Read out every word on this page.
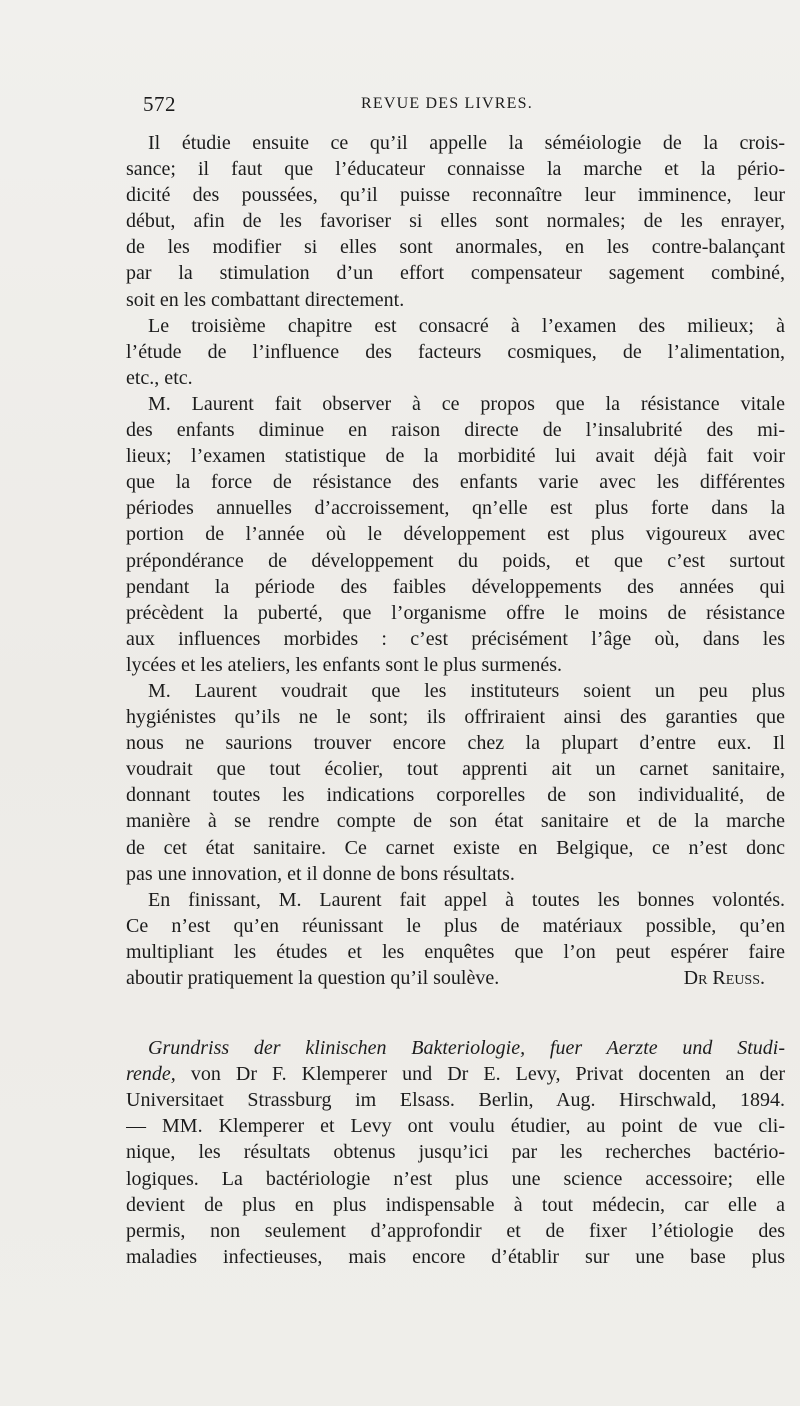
572	REVUE DES LIVRES.
Il étudie ensuite ce qu’il appelle la séméiologie de la crois-
sance; il faut que l’éducateur connaisse la marche et la pério-
dicité des poussées, qu’il puisse reconnaître leur imminence, leur
début, afin de les favoriser si elles sont normales; de les enrayer,
de les modifier si elles sont anormales, en les contre-balançant
par la stimulation d’un effort compensateur sagement combiné,
soit en les combattant directement.
Le troisième chapitre est consacré à l’examen des milieux; à
l’étude de l’influence des facteurs cosmiques, de l’alimentation,
etc., etc.
M. Laurent fait observer à ce propos que la résistance vitale
des enfants diminue en raison directe de l’insalubrité des mi-
lieux; l’examen statistique de la morbidité lui avait déjà fait voir
que la force de résistance des enfants varie avec les différentes
périodes annuelles d’accroissement, qn’elle est plus forte dans la
portion de l’année où le développement est plus vigoureux avec
prépondérance de développement du poids, et que c’est surtout
pendant la période des faibles développements des années qui
précèdent la puberté, que l’organisme offre le moins de résistance
aux influences morbides : c’est précisément l’âge où, dans les
lycées et les ateliers, les enfants sont le plus surmenés.
M. Laurent voudrait que les instituteurs soient un peu plus
hygiénistes qu’ils ne le sont; ils offriraient ainsi des garanties que
nous ne saurions trouver encore chez la plupart d’entre eux. Il
voudrait que tout écolier, tout apprenti ait un carnet sanitaire,
donnant toutes les indications corporelles de son individualité, de
manière à se rendre compte de son état sanitaire et de la marche
de cet état sanitaire. Ce carnet existe en Belgique, ce n’est donc
pas une innovation, et il donne de bons résultats.
En finissant, M. Laurent fait appel à toutes les bonnes volontés.
Ce n’est qu’en réunissant le plus de matériaux possible, qu’en
multipliant les études et les enquêtes que l’on peut espérer faire
aboutir pratiquement la question qu’il soulève.	Dr Reuss.
Grundriss der klinischen Bakteriologie, fuer Aerzte und Studi-
rende, von Dr F. Klemperer und Dr E. Levy, Privat docenten an der
Universitaet Strassburg im Elsass. Berlin, Aug. Hirschwald, 1894.
— MM. Klemperer et Levy ont voulu étudier, au point de vue cli-
nique, les résultats obtenus jusqu’ici par les recherches bactério-
logiques. La bactériologie n’est plus une science accessoire; elle
devient de plus en plus indispensable à tout médecin, car elle a
permis, non seulement d’approfondir et de fixer l’étiologie des
maladies infectieuses, mais encore d’établir sur une base plus
